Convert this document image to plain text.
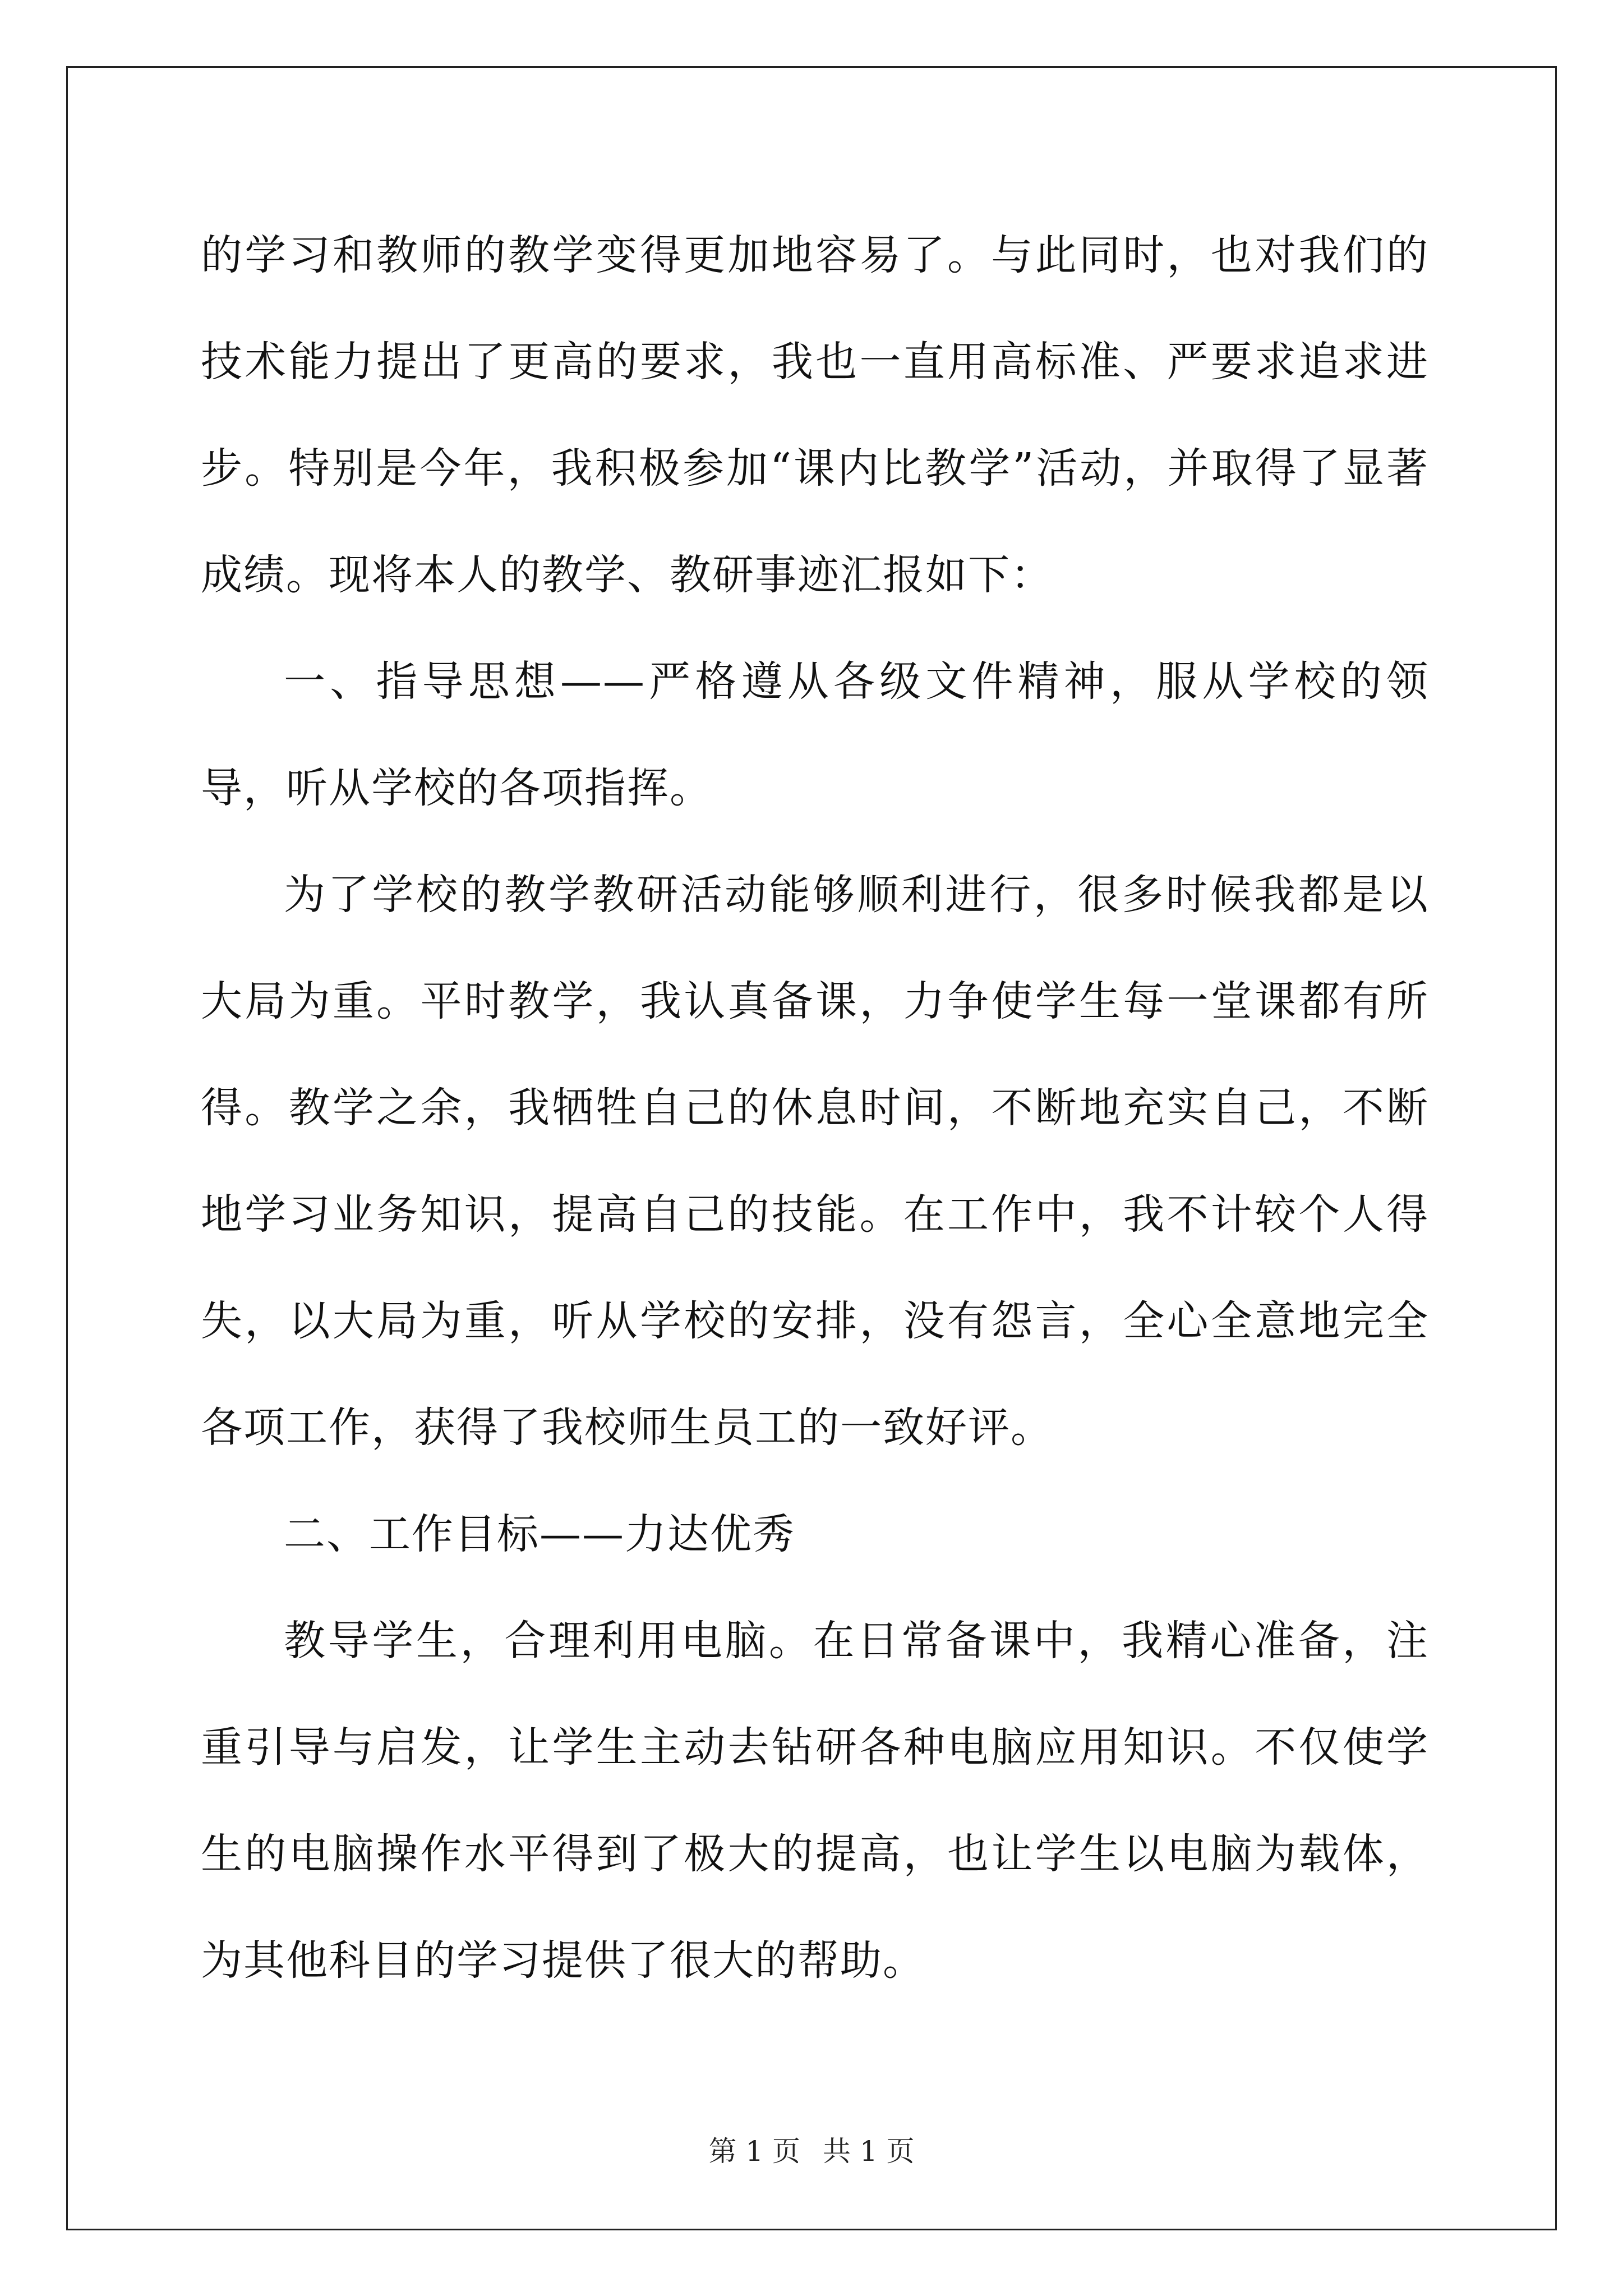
的学习和教师的教学变得更加地容易了。与此同时，也对我们的技术能力提出了更高的要求，我也一直用高标准、严要求追求进步。特别是今年，我积极参加“课内比教学”活动，并取得了显著成绩。现将本人的教学、教研事迹汇报如下：

一、指导思想——严格遵从各级文件精神，服从学校的领导，听从学校的各项指挥。

为了学校的教学教研活动能够顺利进行，很多时候我都是以大局为重。平时教学，我认真备课，力争使学生每一堂课都有所得。教学之余，我牺牲自己的休息时间，不断地充实自己，不断地学习业务知识，提高自己的技能。在工作中，我不计较个人得失，以大局为重，听从学校的安排，没有怨言，全心全意地完全各项工作，获得了我校师生员工的一致好评。

二、工作目标——力达优秀

教导学生，合理利用电脑。在日常备课中，我精心准备，注重引导与启发，让学生主动去钻研各种电脑应用知识。不仅使学生的电脑操作水平得到了极大的提高，也让学生以电脑为载体，为其他科目的学习提供了很大的帮助。

第 1 页 共 1 页
